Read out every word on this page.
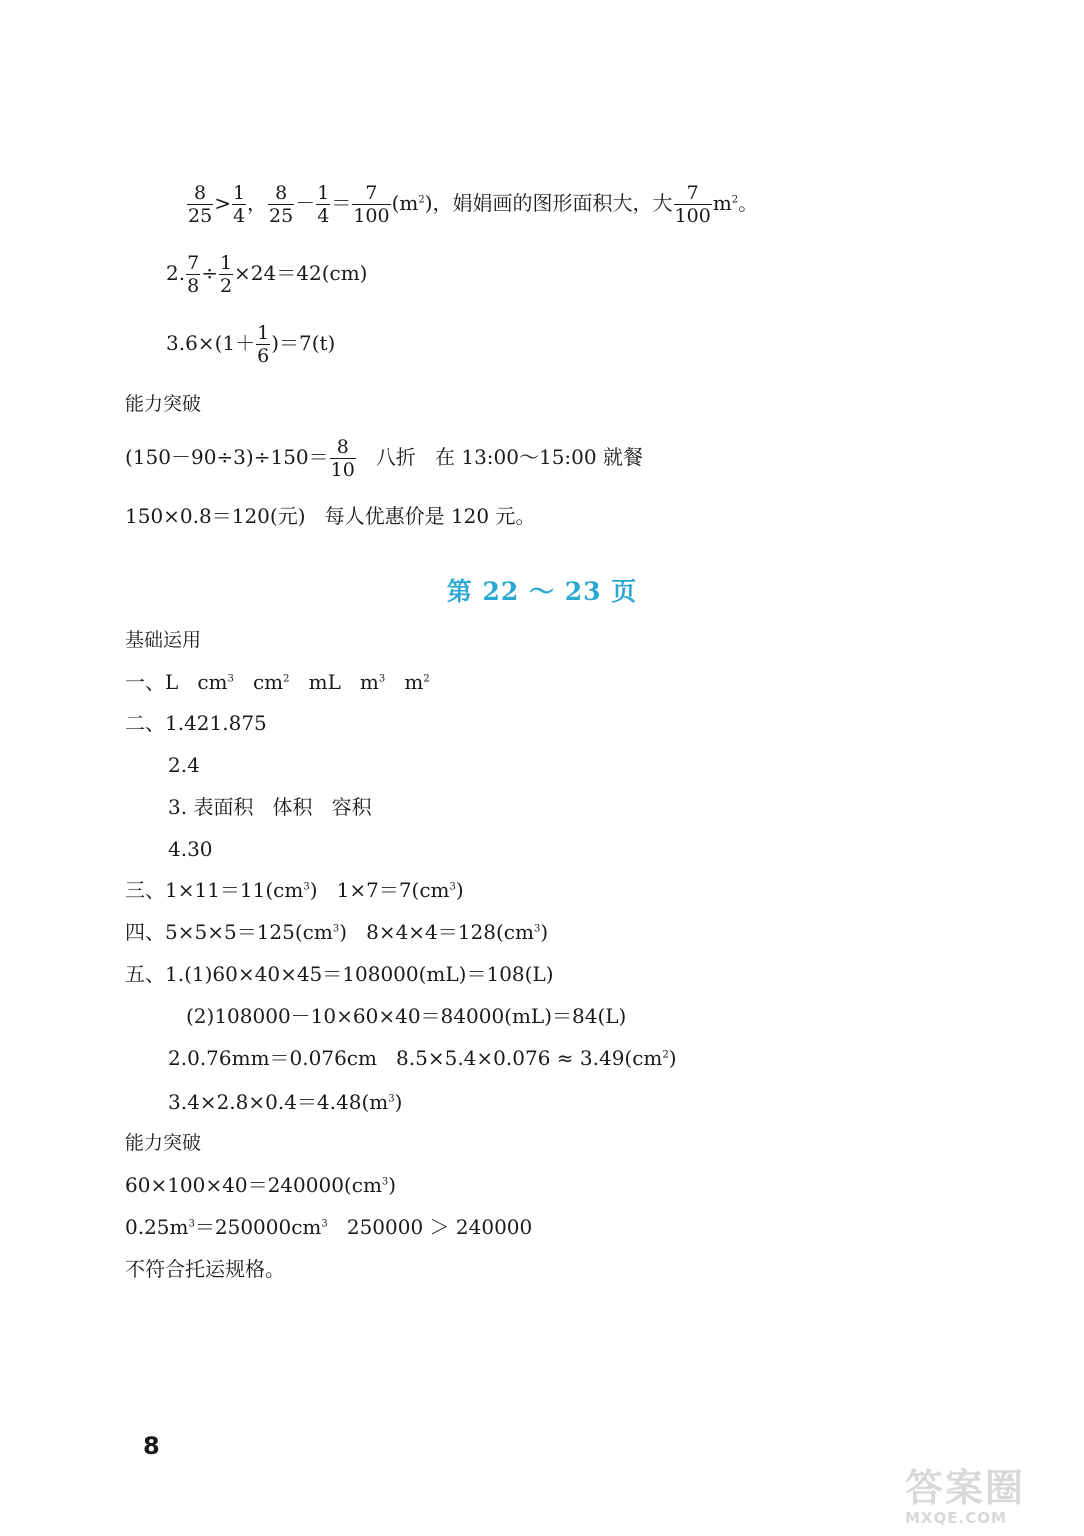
$\frac{8}{25} > \frac{1}{4}$ ， $\frac{8}{25} - \frac{1}{4} = \frac{7}{100} (m^2)$，娟娟画的图形面积大，大 $\frac{7}{100} m^2$。
2. $\frac{7}{8} \div \frac{1}{2} \times 24=42(cm)$
$3.6\times(1+ \frac{1}{6} )=7(t)$
能力突破
$(150-90\div 3)\div 150= \frac{8}{10}$ 八折   在 13:00～15:00 就餐
150×0.8＝120(元)   每人优惠价是 120 元。
第 22 ～ 23 页
基础运用
一、L   $cm^3$   $cm^2$   mL   $m^3$   $m^2$
二、1.421.875
2.4
3. 表面积   体积   容积
4.30
三、$1\times 11=11(cm^3)$   $1\times 7=7(cm^3)$
四、$5\times 5\times 5=125(cm^3)$   $8\times 4\times 4=128(cm^3)$
五、1.(1)60×40×45＝108000(mL)＝108(L)
(2)108000－10×60×40＝84000(mL)＝84(L)
2.0.76mm＝0.076cm   $8.5\times 5.4\times 0.076 \approx 3.49(cm^2)$
$3.4\times 2.8\times 0.4=4.48(m^3)$
能力突破
$60\times 100\times 40=240000(cm^3)$
$0.25m^3=250000cm^3$   250000 ＞ 240000
不符合托运规格。
8
答案圈
MXQE.COM
